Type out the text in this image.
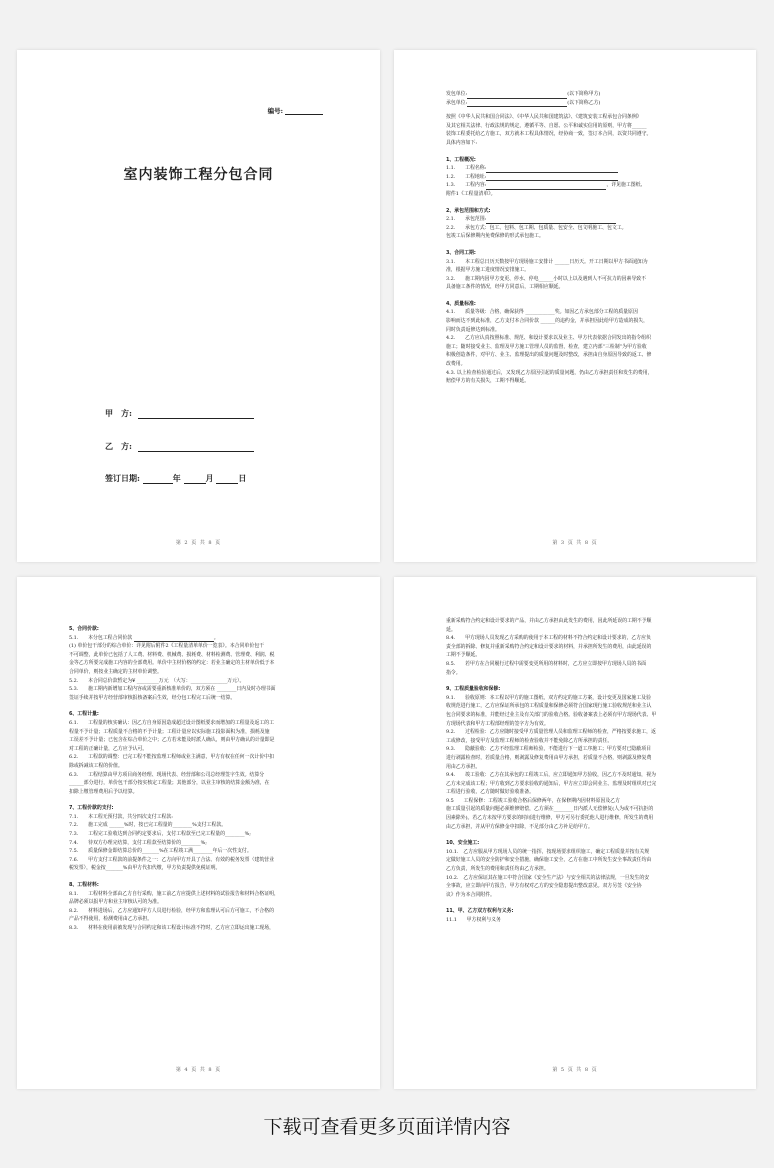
编号:
室内装饰工程分包合同
甲　方:
乙　方:
签订日期:	年	月	日
第 2 页 共 8 页

发包单位:	(以下简称甲方)

承包单位:	(以下简称乙方)

按照《中华人民共和国合同法》、《中华人民共和国建筑法》、《建筑安装工程承包合同条例》

及其它相关法律、行政法规的规定，遵循平等、自愿、公平和诚实信用的原则，甲方将______

装饰工程委托给乙方施工，双方就本工程具体情况，经协商一致，签订本合同，以资共同遵守。

具体内容如下:

1、工程概况:

1.1.　　工程名称:

1.2.　　工程地址:

1.3.　　工程内容:	，详见施工图纸、

附件1《工程量清单》。

2、承包范围和方式:

2.1.　　承包范围:

2.2.　　承包方式：包工、包料、包工期、包质量、包安全、包文明施工、包文工。

包竣工后保修期内免费保修的形式承包施工。

3、合同工期:

3.1.　　本工程总日历天数按甲方现场施工安排计 ______日历天。开工日期以甲方书面通知为

准，根据甲方施工进度情况安排施工。

3.2.　　施工期内因甲方变更、停水、停电______小时以上以及遇到人不可抗力的因素导致不

具备施工条件的情况，经甲方同意后，工期相应顺延。

4、质量标准:

4.1.　　质量等级：合格，确保获得 ____________奖。如因乙方承包部分工程的质量原因

影响而达不到此标准，乙方支付本合同价款 ______的违约金，并承担因此给甲方造成的损失，

同时负责返修达到标准。

4.2.　　乙方应认真按照标准、规范、和设计要求以及业主、甲方代表依据合同发出的指令组织

施工；随时接受业主、监理及甲方施工管理人员的监督，检查，建立内部“三检制”为甲方验收

积极创造条件，对甲方、业主、监理提出的质量问题及时整改，承担由自身原因导致的返工、修

改费用。

4.3. 以上检查检验通过后，又发现乙方原因引起的质量问题，仍由乙方承担责任和发生的费用，

赔偿甲方的有关损失，工期不得顺延。

第 3 页 共 8 页

5、合同价款:

5.1.　　本分包工程合同价款	。

(1) 单价包干部分的综合单价：详见附后附件2《工程量清单单价一览表》。本合同单价包干

不可调整，此单价已包括了人工费、材料费、机械费、损耗费、材料检测费、管理费、利润、税

金等乙方所要完成施工内容的全部费用。单价中主材价格的约定：若业主确定的主材单价低于本

合同单价，则按业主确定的主材单价调整。

5.2.　　本合同总价款暂定为¥ _________万元　（大写：_______________万元）。

5.3.　　施工期内新增加工程内容或需要重新核准单价的，双方须在 ________日内及时办理书面

签证手续并按甲方经营部审核报核备案后生效，经分包工程完工后统一结算。

6、工程计量:

6.1.　　工程量的核实确认：因乙方自身原因造成超过设计图纸要求而增加的工程量及返工的工

程量不予计量；工程质量不合格的不予计量；工程计量应以实际施工投影面积为准，损耗及施

工误差不予计量；已包含在综合单价之中；乙方若未能及时派人确认，则由甲方确认的计量即是

对工程的正确计量，乙方应予认可。

6.2.　　工程款的调整：已完工程不能按监理工程师或业主满意，甲方有权在任何一次计价中扣

除或拆减该工程的价值。

6.3.　　工程结算由甲方项目商务经理、现场代表、经营部和公司总经理签字生效。结算分

______部分进行，单价包干部分按实核定工程量；其他部分，以业主审核的结算金额为准，在

扣除上缴管理费用后予以结算。

7、工程价款的支付:

7.1.　　本工程无预付款，共分四次支付工程款:

7.2.　　施工完成 ______%时，按已完工程量的________%支付工程款。

7.3.　　工程完工验收达到合同约定要求后，支付工程款至已完工程量的________%;

7.4.　　待双方办理完结算，支付工程款至结算价的________%;

7.5.　　质量保修金即结算总价的_______%在工程竣工满________年后一次性支付。

7.6.　　甲方支付工程款的前提条件之一：乙方向甲方开具了合法、有效的税务发票（建筑营业

税发票），税金按_______%由甲方代扣代缴，甲方负责提供免税证明。

8、工程材料:

8.1.　　工程材料全部由乙方自行采购，施工前乙方应提供上述材料的试验报告和材料合格证明，

品牌必须以报甲方和业主审核认可的为准。

8.2.　　材料进场后，乙方应通知甲方人员进行检验，经甲方和监理认可后方可施工，不合格的

产品不得使用，检测费用由乙方承担。

8.3.　　材料在使用前被发现与合同约定和该工程设计标准不符时，乙方应立即运出施工现场，

第 4 页 共 8 页

重新采购符合约定和设计要求的产品，并由乙方承担由此发生的费用，因此所延误的工期不予顺

延。

8.4.　　甲方现场人员发现乙方采购的使用于本工程的材料不符合约定和设计要求的，乙方应负

责全部的拆除、修复并重新采购符合约定和设计要求的材料，并承担所发生的费用，由此延误的

工期不予顺延。

8.5.　　若甲方在合同履行过程中需要变更所用的材料时，乙方应立即按甲方现场人员的书面

指令。

9、工程质量验收和保修:

9.1.　　验收原则：本工程以甲方的施工图纸，双方约定的施工方案，设计变更及国家施工及验

收规范进行施工，乙方应保证所承包的工程质量和保修必须符合国家现行施工验收规范和业主认

包合同要求的标准，并能经过业主及有关部门的验收合格。验收备案表上必须有甲方现场代表、甲

方现场代表和甲方工程部经理的签字方为有效。

9.2.　　过程检验：乙方应随时接受甲方质量管理人员和监理工程师的检查，严格按要求施工，返

工或修改，接受甲方及监理工程师的检查验收并不能免除乙方所承担的责任。

9.3.　　隐蔽验收：乙方不经监理工程师检验，不能进行下一道工序施工；甲方要对已隐蔽项目

进行剥露检查时，若质量合格，则剥露及修复费用由甲方承担，若质量不合格，则剥露及修复费

用由乙方承担。

9.4.　　竣工验收：乙方在其承包的工程竣工后，应立即通知甲方验收，因乙方不及时通知，视为

乙方未完成该工程；甲方收到乙方要求验收的通知后，甲方应立即会同业主、监理及时组织对已完

工程进行验收，乙方随时做好验收准备。

9.5　　工程保修：工程竣工验收合格后保修两年，在保修期内因材料原因及乙方

施工质量引起的质量问题必须维修赔偿，乙方须在________日内派人无偿修复(人为或不可抗拒的

因素除外)。若乙方未按甲方要求的时间进行维修，甲方可另行委托他人进行维修，所发生的费用

由乙方承担，并从甲方保修金中扣除，不足部分由乙方补足给甲方。

10、安全施工:

10.1.　乙方应服从甲方现场人员的统一指挥，按现场要求组织施工，确定工程质量并按有关规

定做好施工人员的安全防护和安全措施，确保施工安全，乙方在施工中所发生安全事故责任均由

乙方负责，所发生的费用和责任均由乙方承担。

10.2.　乙方应保证其在施工中符合国家《安全生产法》与安全相关的法律法规，一旦发生的安

全事故，应立即向甲方报告，甲方有权对乙方的安全隐患提出整改意见。双方另签《安全协

议》作为本合同附件。

11、甲、乙方双方权利与义务:

11.1　　甲方权利与义务

第 5 页 共 8 页
下载可查看更多页面详情内容
